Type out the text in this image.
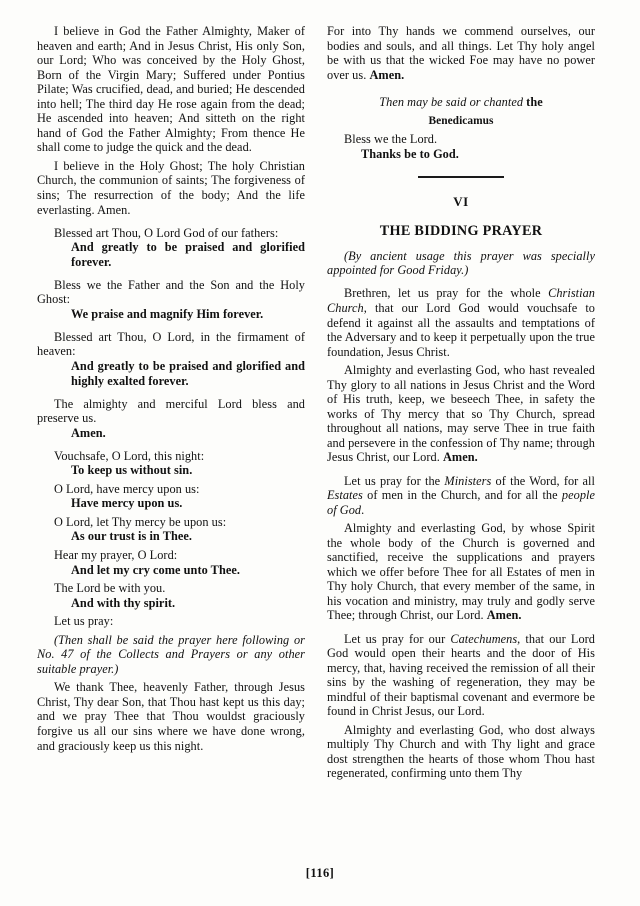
I believe in God the Father Almighty, Maker of heaven and earth; And in Jesus Christ, His only Son, our Lord; Who was conceived by the Holy Ghost, Born of the Virgin Mary; Suffered under Pontius Pilate; Was crucified, dead, and buried; He descended into hell; The third day He rose again from the dead; He ascended into heaven; And sitteth on the right hand of God the Father Almighty; From thence He shall come to judge the quick and the dead.

I believe in the Holy Ghost; The holy Christian Church, the communion of saints; The forgiveness of sins; The resurrection of the body; And the life everlasting. Amen.

Blessed art Thou, O Lord God of our fathers:

And greatly to be praised and glorified forever.

Bless we the Father and the Son and the Holy Ghost:

We praise and magnify Him forever.

Blessed art Thou, O Lord, in the firmament of heaven:

And greatly to be praised and glorified and highly exalted forever.

The almighty and merciful Lord bless and preserve us.

Amen.

Vouchsafe, O Lord, this night:

To keep us without sin.

O Lord, have mercy upon us:

Have mercy upon us.

O Lord, let Thy mercy be upon us:

As our trust is in Thee.

Hear my prayer, O Lord:

And let my cry come unto Thee.

The Lord be with you.

And with thy spirit.

Let us pray:

(Then shall be said the prayer here following or No. 47 of the Collects and Prayers or any other suitable prayer.)

We thank Thee, heavenly Father, through Jesus Christ, Thy dear Son, that Thou hast kept us this day; and we pray Thee that Thou wouldst graciously forgive us all our sins where we have done wrong, and graciously keep us this night.

For into Thy hands we commend ourselves, our bodies and souls, and all things. Let Thy holy angel be with us that the wicked Foe may have no power over us. Amen.

Then may be said or chanted the

Benedicamus

Bless we the Lord.

Thanks be to God.

VI
THE BIDDING PRAYER

(By ancient usage this prayer was specially appointed for Good Friday.)

Brethren, let us pray for the whole Christian Church, that our Lord God would vouchsafe to defend it against all the assaults and temptations of the Adversary and to keep it perpetually upon the true foundation, Jesus Christ.

Almighty and everlasting God, who hast revealed Thy glory to all nations in Jesus Christ and the Word of His truth, keep, we beseech Thee, in safety the works of Thy mercy that so Thy Church, spread throughout all nations, may serve Thee in true faith and persevere in the confession of Thy name; through Jesus Christ, our Lord. Amen.

Let us pray for the Ministers of the Word, for all Estates of men in the Church, and for all the people of God.

Almighty and everlasting God, by whose Spirit the whole body of the Church is governed and sanctified, receive the supplications and prayers which we offer before Thee for all Estates of men in Thy holy Church, that every member of the same, in his vocation and ministry, may truly and godly serve Thee; through Christ, our Lord. Amen.

Let us pray for our Catechumens, that our Lord God would open their hearts and the door of His mercy, that, having received the remission of all their sins by the washing of regeneration, they may be mindful of their baptismal covenant and evermore be found in Christ Jesus, our Lord.

Almighty and everlasting God, who dost always multiply Thy Church and with Thy light and grace dost strengthen the hearts of those whom Thou hast regenerated, confirming unto them Thy

[116]
